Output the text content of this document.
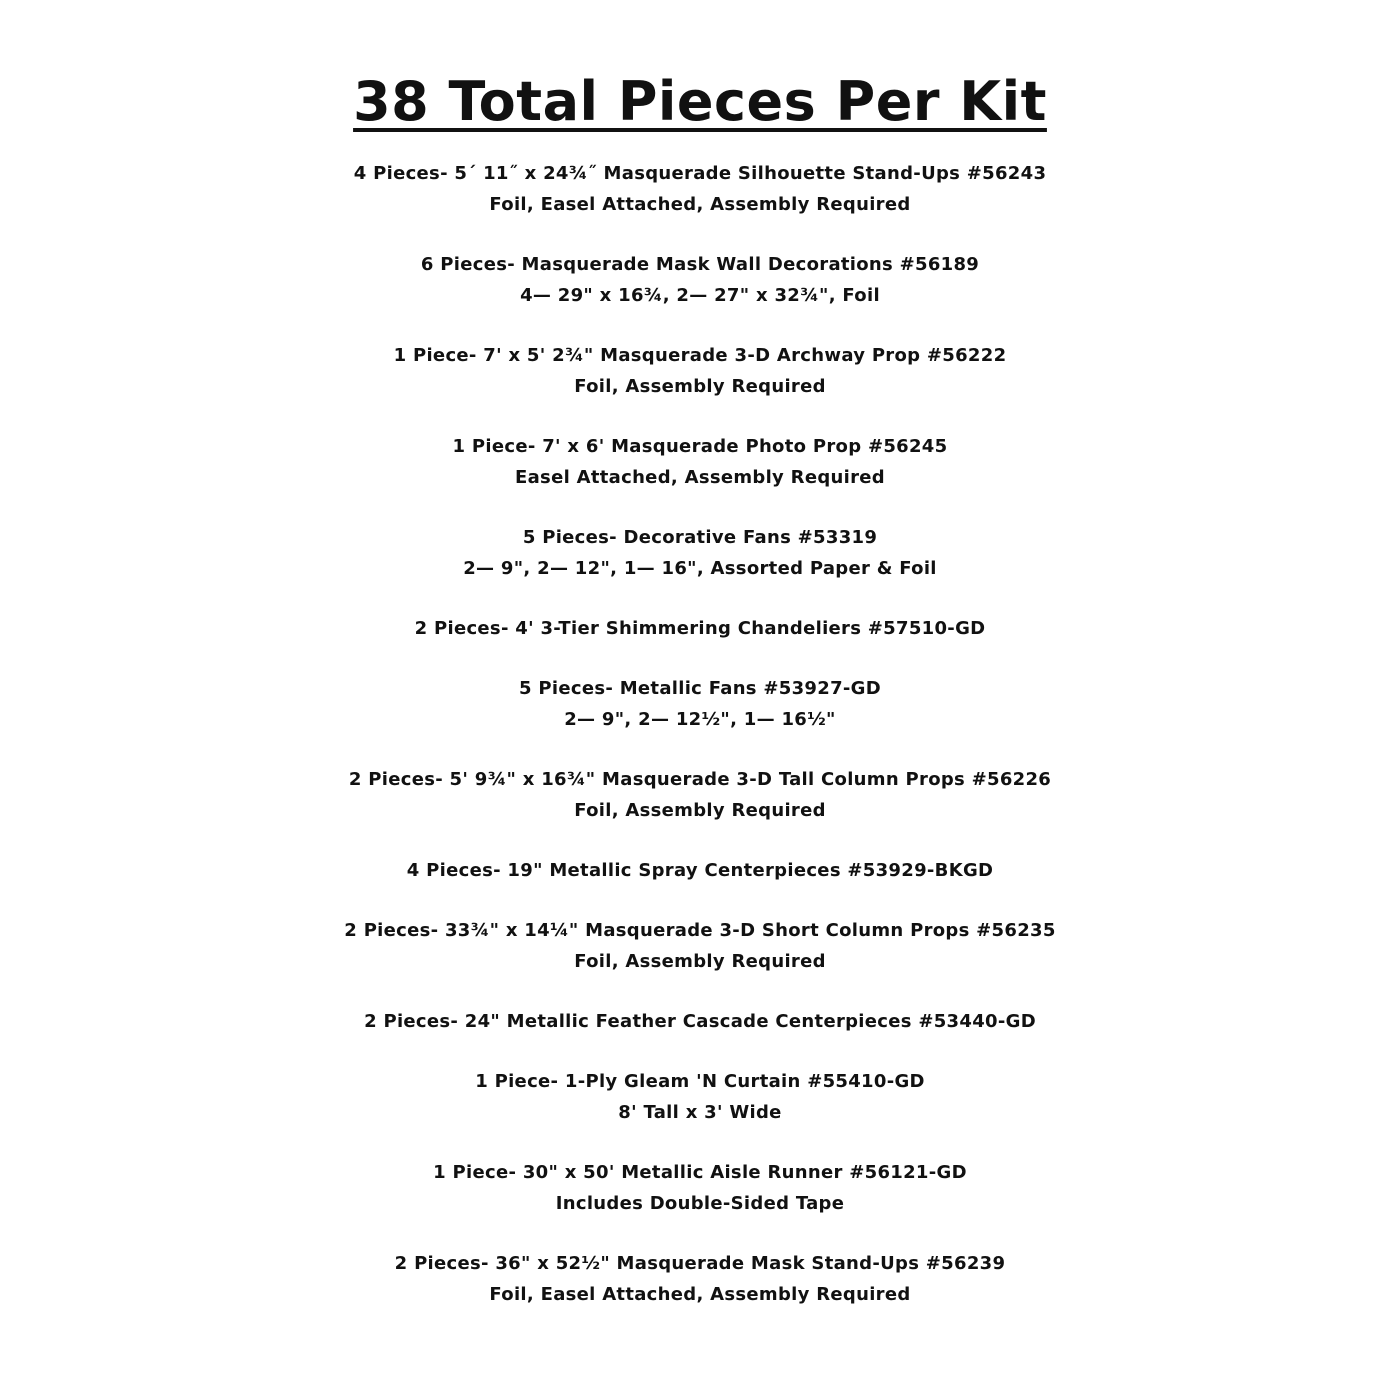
38 Total Pieces Per Kit
4 Pieces- 5´ 11˝ x 24¾˝ Masquerade Silhouette Stand-Ups #56243
Foil, Easel Attached, Assembly Required
6 Pieces- Masquerade Mask Wall Decorations #56189
4— 29" x 16¾, 2— 27" x 32¾", Foil
1 Piece- 7' x 5' 2¾" Masquerade 3-D Archway Prop #56222
Foil, Assembly Required
1 Piece- 7' x 6' Masquerade Photo Prop #56245
Easel Attached, Assembly Required
5 Pieces- Decorative Fans #53319
2— 9", 2— 12", 1— 16", Assorted Paper & Foil
2 Pieces- 4' 3-Tier Shimmering Chandeliers #57510-GD
5 Pieces- Metallic Fans #53927-GD
2— 9", 2— 12½", 1— 16½"
2 Pieces- 5' 9¾" x 16¾" Masquerade 3-D Tall Column Props #56226
Foil, Assembly Required
4 Pieces- 19" Metallic Spray Centerpieces #53929-BKGD
2 Pieces- 33¾" x 14¼" Masquerade 3-D Short Column Props #56235
Foil, Assembly Required
2 Pieces- 24" Metallic Feather Cascade Centerpieces #53440-GD
1 Piece- 1-Ply Gleam 'N Curtain #55410-GD
8' Tall x 3' Wide
1 Piece- 30" x 50' Metallic Aisle Runner #56121-GD
Includes Double-Sided Tape
2 Pieces- 36" x 52½" Masquerade Mask Stand-Ups #56239
Foil, Easel Attached, Assembly Required
